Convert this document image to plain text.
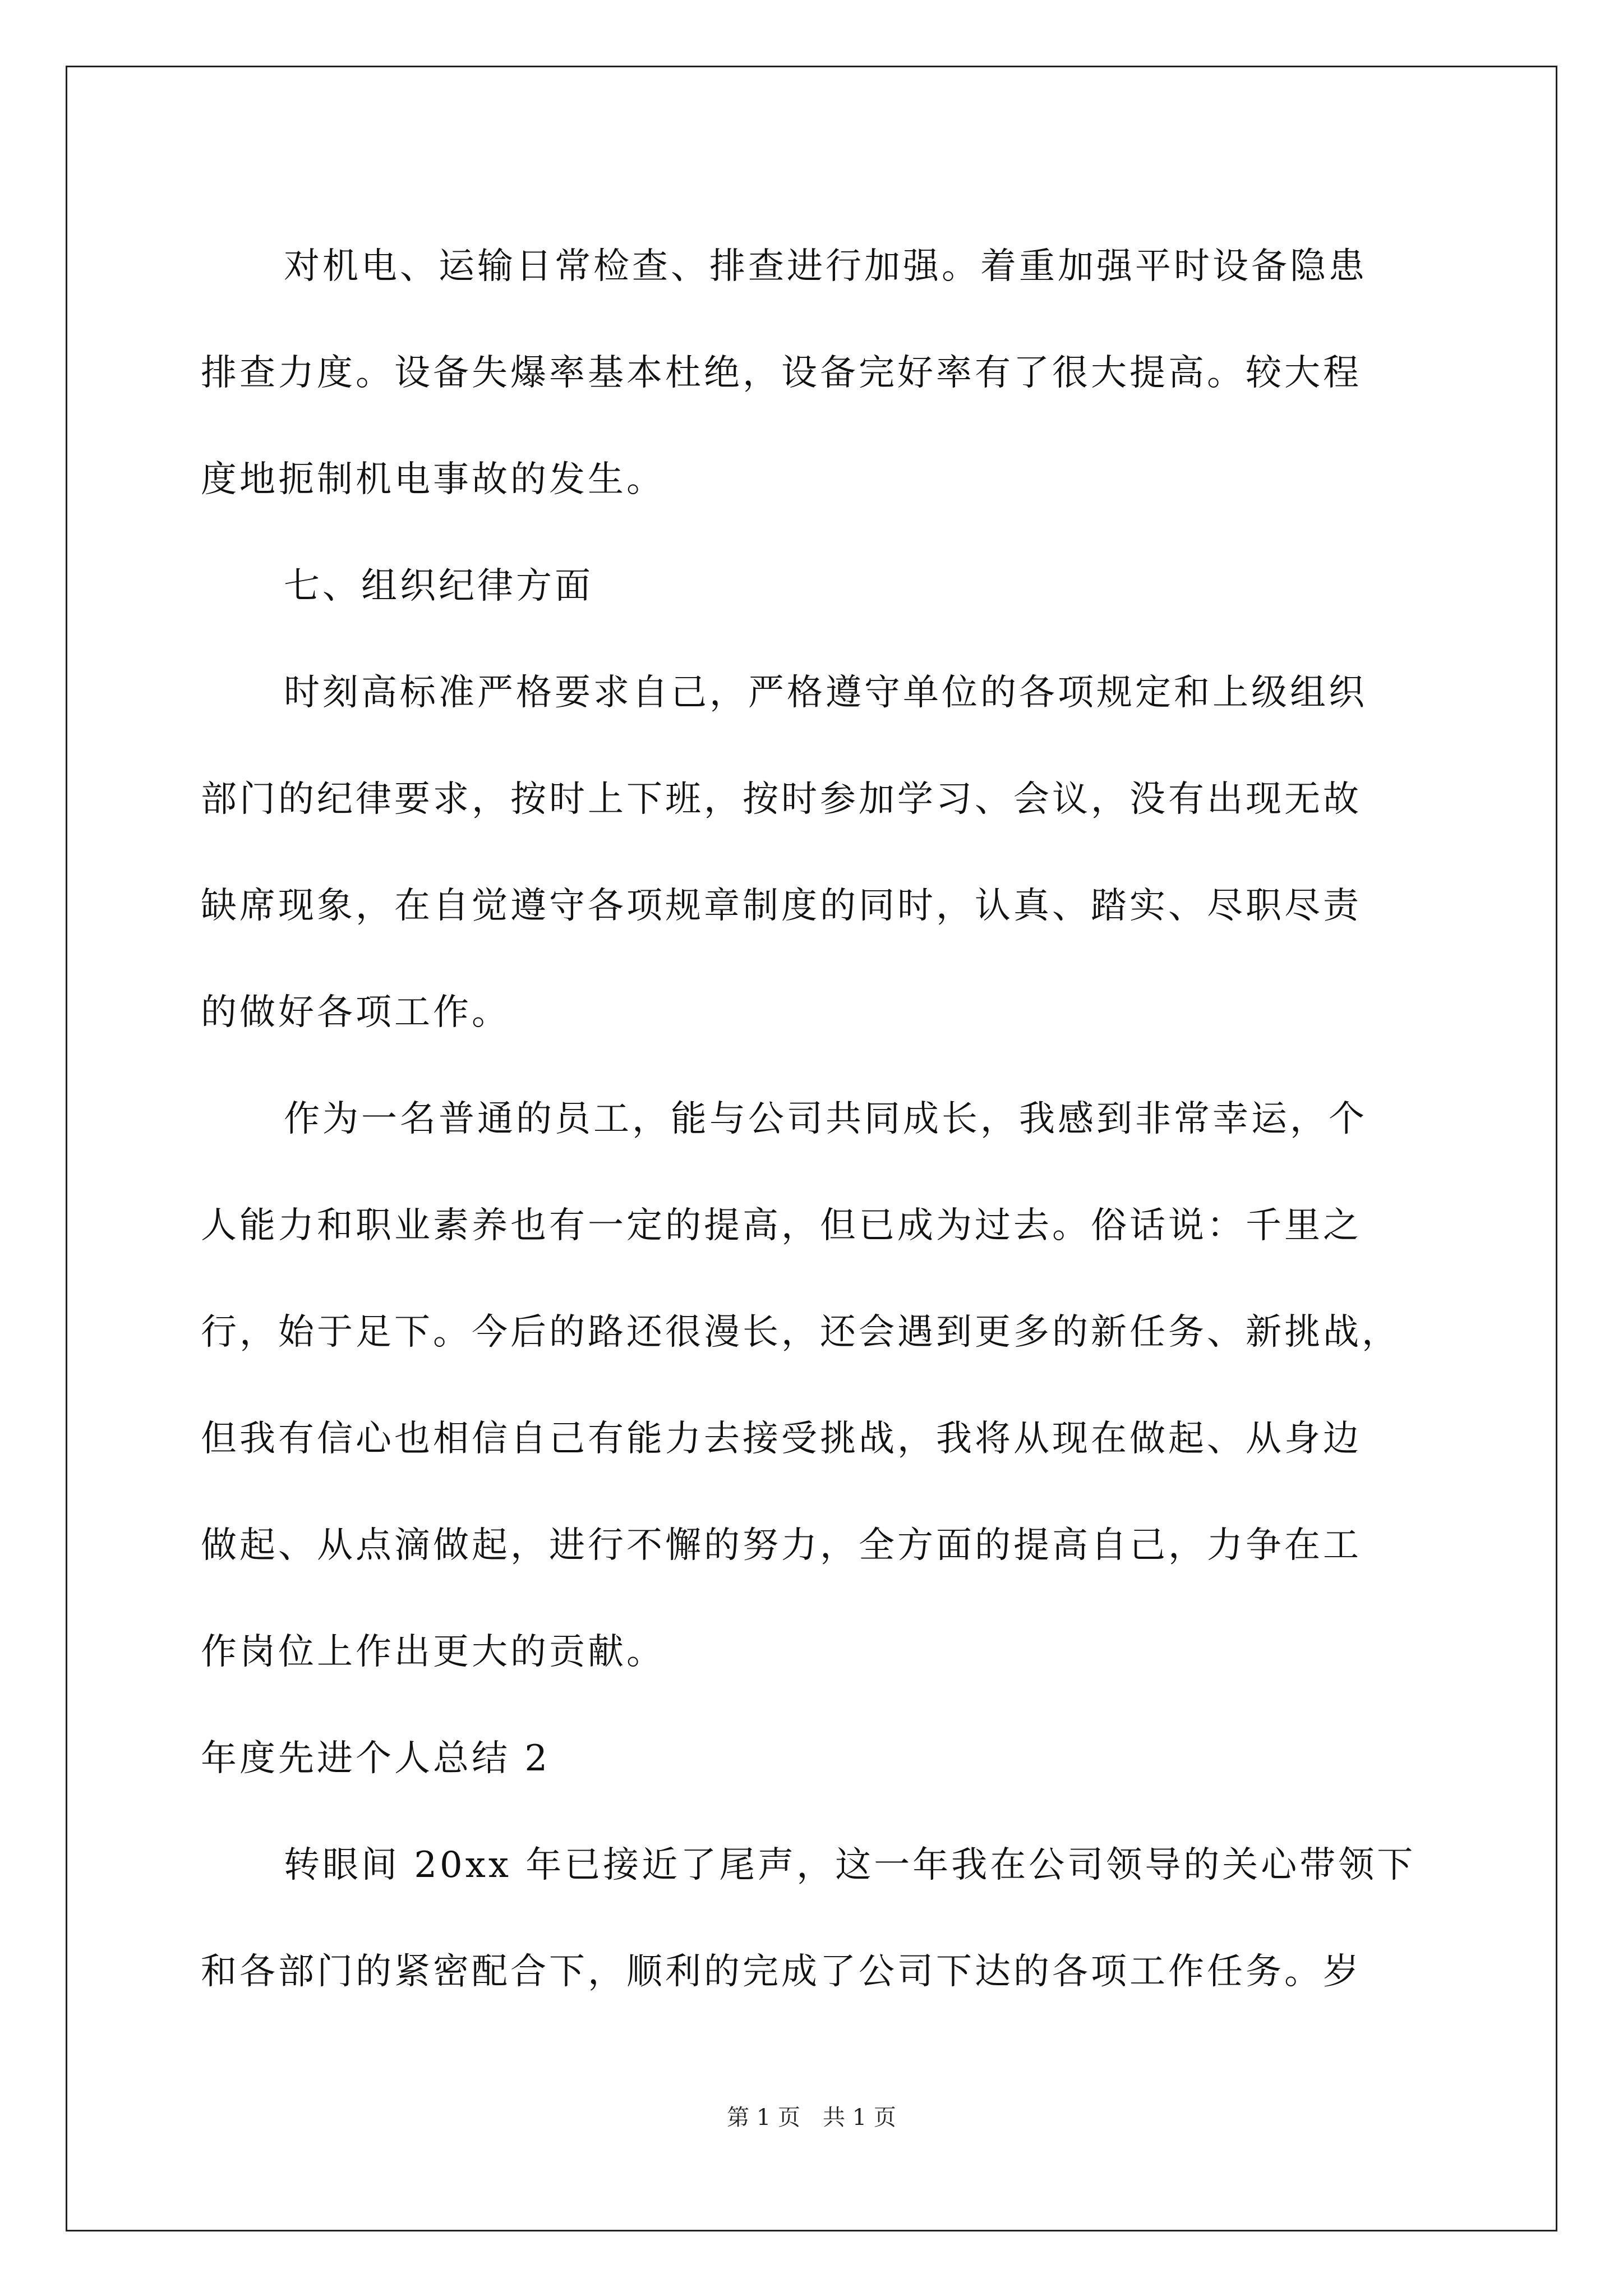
对机电、运输日常检查、排查进行加强。着重加强平时设备隐患
排查力度。设备失爆率基本杜绝，设备完好率有了很大提高。较大程
度地扼制机电事故的发生。
七、组织纪律方面
时刻高标准严格要求自己，严格遵守单位的各项规定和上级组织
部门的纪律要求，按时上下班，按时参加学习、会议，没有出现无故
缺席现象，在自觉遵守各项规章制度的同时，认真、踏实、尽职尽责
的做好各项工作。
作为一名普通的员工，能与公司共同成长，我感到非常幸运，个
人能力和职业素养也有一定的提高，但已成为过去。俗话说：千里之
行，始于足下。今后的路还很漫长，还会遇到更多的新任务、新挑战，
但我有信心也相信自己有能力去接受挑战，我将从现在做起、从身边
做起、从点滴做起，进行不懈的努力，全方面的提高自己，力争在工
作岗位上作出更大的贡献。
年度先进个人总结 2
转眼间 20xx 年已接近了尾声，这一年我在公司领导的关心带领下
和各部门的紧密配合下，顺利的完成了公司下达的各项工作任务。岁
第 1 页　共 1 页
